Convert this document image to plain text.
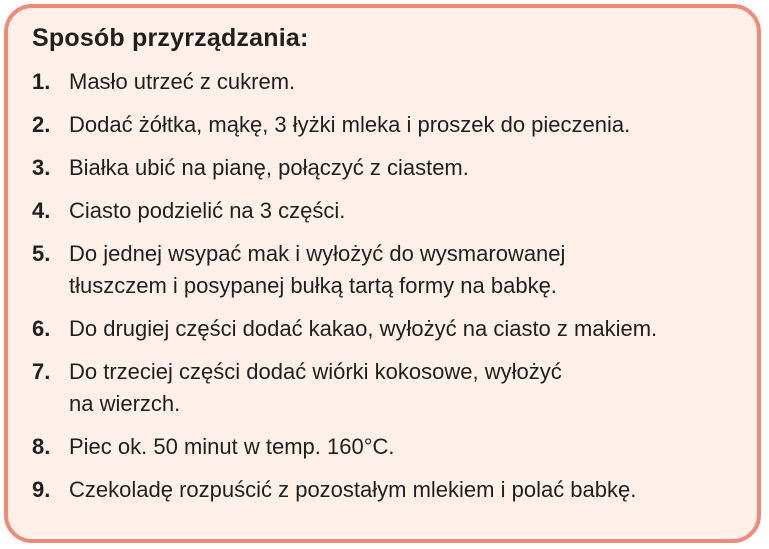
Sposób przyrządzania:
1. Masło utrzeć z cukrem.
2. Dodać żółtka, mąkę, 3 łyżki mleka i proszek do pieczenia.
3. Białka ubić na pianę, połączyć z ciastem.
4. Ciasto podzielić na 3 części.
5. Do jednej wsypać mak i wyłożyć do wysmarowanej
tłuszczem i posypanej bułką tartą formy na babkę.
6. Do drugiej części dodać kakao, wyłożyć na ciasto z makiem.
7. Do trzeciej części dodać wiórki kokosowe, wyłożyć
na wierzch.
8. Piec ok. 50 minut w temp. 160°C.
9. Czekoladę rozpuścić z pozostałym mlekiem i polać babkę.
